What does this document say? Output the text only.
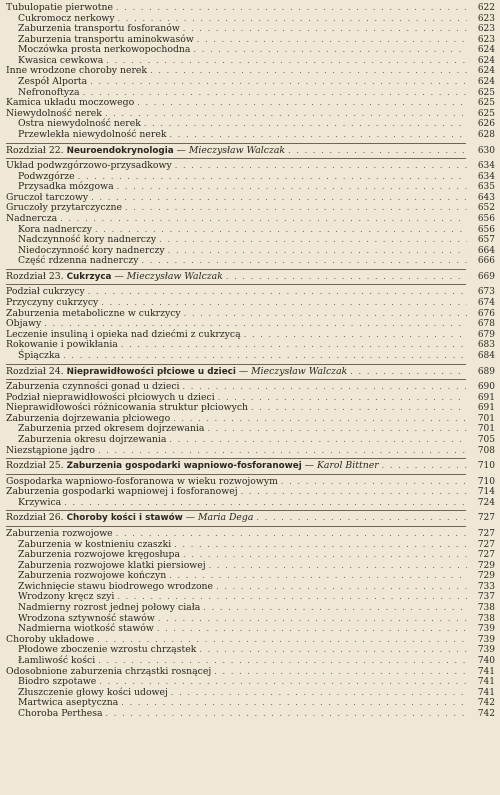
Tubulopatie pierwotne . . .	622
Cukromocz nerkowy . . .	623
Zaburzenia transportu fosforanów . . .	623
Zaburzenia transportu aminokwasów . . .	623
Moczówka prosta nerkowopochodna . . .	624
Kwasica cewkowa . . .	624
Inne wrodzone choroby nerek . . .	624
Zespół Alporta . . .	624
Nefronoftyza . . .	625
Kamica układu moczowego . . .	625
Niewydolność nerek . . .	625
Ostra niewydolność nerek . . .	626
Przewlekła niewydolność nerek . . .	628
Rozdział 22. Neuroendokrynologia — Mieczysław Walczak . . .	630
Układ podwzgórzowo-przysadkowy . . .	634
Podwzgórze . . .	634
Przysadka mózgowa . . .	635
Gruczoł tarczowy . . .	643
Gruczoły przytarczyczne . . .	652
Nadnercza . . .	656
Kora nadnerczy . . .	656
Nadczynność kory nadnerczy . . .	657
Niedoczynność kory nadnerczy . . .	664
Część rdzenna nadnerczy . . .	666
Rozdział 23. Cukrzyca — Mieczysław Walczak . . .	669
Podział cukrzycy . . .	673
Przyczyny cukrzycy . . .	674
Zaburzenia metaboliczne w cukrzycy . . .	676
Objawy . . .	678
Leczenie insuliną i opieka nad dziećmi z cukrzycą . . .	679
Rokowanie i powikłania . . .	683
Śpiączka . . .	684
Rozdział 24. Nieprawidłowości płciowe u dzieci — Mieczysław Walczak . . .	689
Zaburzenia czynności gonad u dzieci . . .	690
Podział nieprawidłowości płciowych u dzieci . . .	691
Nieprawidłowości różnicowania struktur płciowych . . .	691
Zaburzenia dojrzewania płciowego . . .	701
Zaburzenia przed okresem dojrzewania . . .	701
Zaburzenia okresu dojrzewania . . .	705
Niezstąpione jądro . . .	708
Rozdział 25. Zaburzenia gospodarki wapniowo-fosforanowej — Karol Bittner . . .	710
Gospodarka wapniowo-fosforanowa w wieku rozwojowym . . .	710
Zaburzenia gospodarki wapniowej i fosforanowej . . .	714
Krzywica . . .	724
Rozdział 26. Choroby kości i stawów — Maria Dega . . .	727
Zaburzenia rozwojowe . . .	727
Zaburzenia w kostnieniu czaszki . . .	727
Zaburzenia rozwojowe kręgosłupa . . .	727
Zaburzenia rozwojowe klatki piersiowej . . .	729
Zaburzenia rozwojowe kończyn . . .	729
Zwichnięcie stawu biodrowego wrodzone . . .	733
Wrodzony kręcz szyi . . .	737
Nadmierny rozrost jednej połowy ciała . . .	738
Wrodzona sztywność stawów . . .	738
Nadmierna wiotkość stawów . . .	739
Choroby układowe . . .	739
Płodowe zboczenie wzrostu chrząstek . . .	739
Łamliwość kości . . .	740
Odosobnione zaburzenia chrząstki rosnącej . . .	741
Biodro szpotawe . . .	741
Złuszczenie głowy kości udowej . . .	741
Martwica aseptyczna . . .	742
Choroba Perthesa . . .	742
